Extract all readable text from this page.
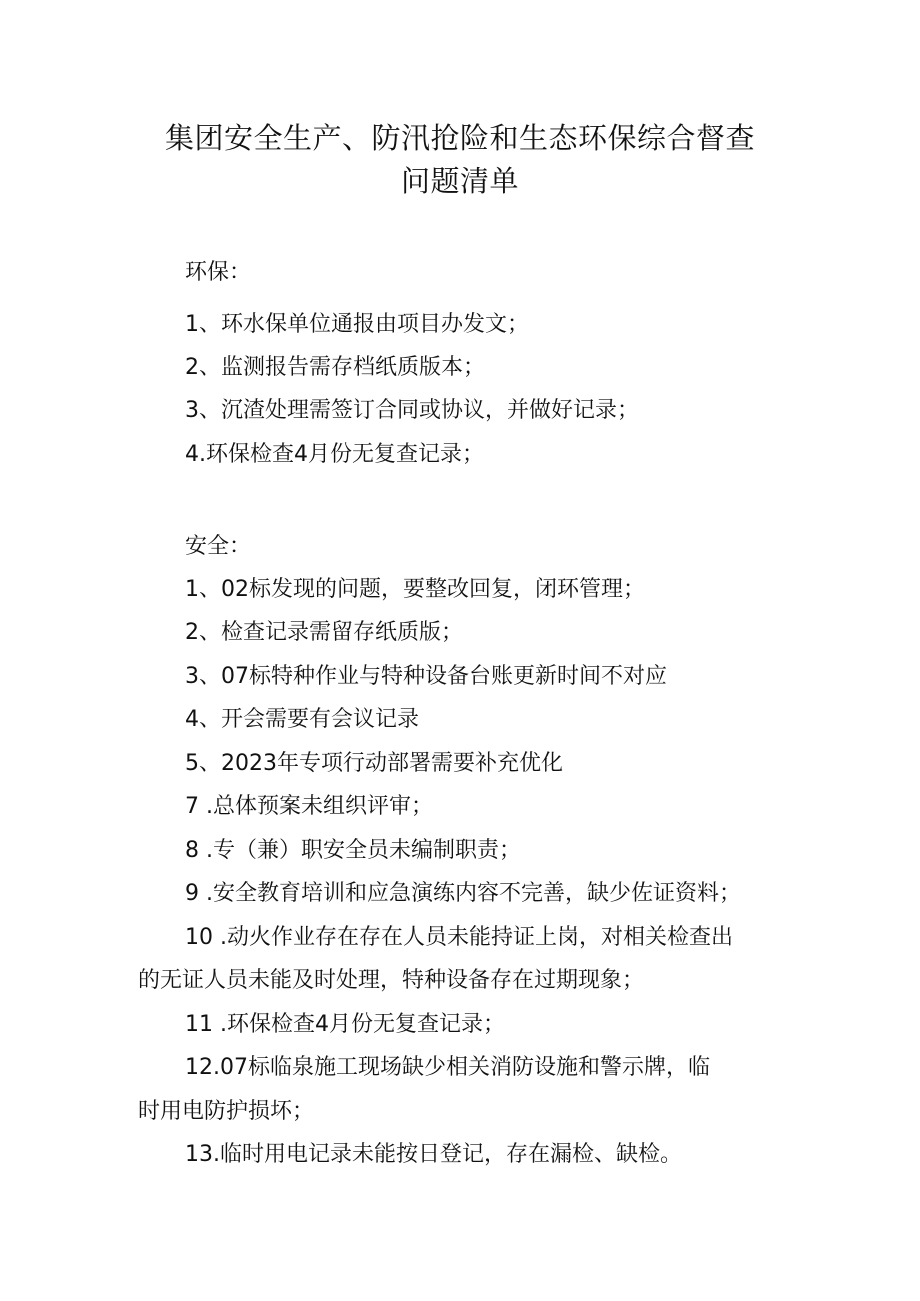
集团安全生产、防汛抢险和生态环保综合督查
问题清单
环保：
1、环水保单位通报由项目办发文；
2、监测报告需存档纸质版本；
3、沉渣处理需签订合同或协议，并做好记录；
4.环保检查4月份无复查记录；
安全：
1、02标发现的问题，要整改回复，闭环管理；
2、检查记录需留存纸质版；
3、07标特种作业与特种设备台账更新时间不对应
4、开会需要有会议记录
5、2023年专项行动部署需要补充优化
7 .总体预案未组织评审；
8 .专（兼）职安全员未编制职责；
9 .安全教育培训和应急演练内容不完善，缺少佐证资料；
10 .动火作业存在存在人员未能持证上岗，对相关检查出
的无证人员未能及时处理，特种设备存在过期现象；
11 .环保检查4月份无复查记录；
12.07标临泉施工现场缺少相关消防设施和警示牌，临
时用电防护损坏；
13.临时用电记录未能按日登记，存在漏检、缺检。
